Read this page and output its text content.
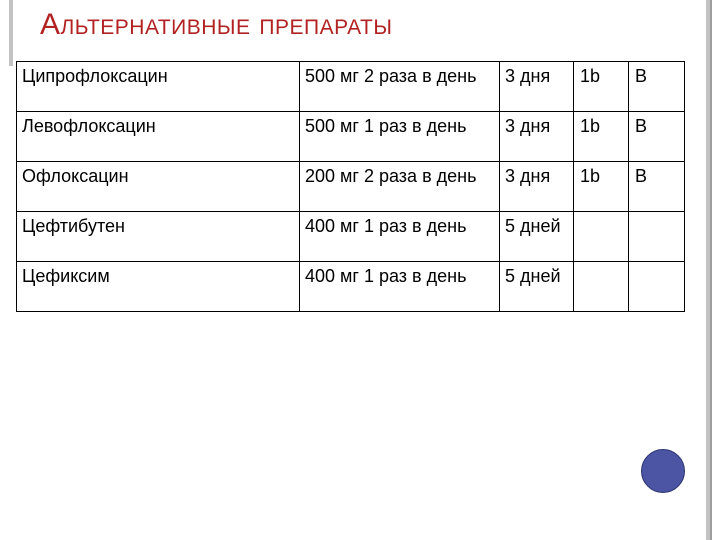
Альтернативные препараты
Ципрофлоксацин	500 мг 2 раза в день	3 дня	1b	B
Левофлоксацин	500 мг 1 раз в день	3 дня	1b	B
Офлоксацин	200 мг 2 раза в день	3 дня	1b	B
Цефтибутен	400 мг 1 раз в день	5 дней		
Цефиксим	400 мг 1 раз в день	5 дней		
